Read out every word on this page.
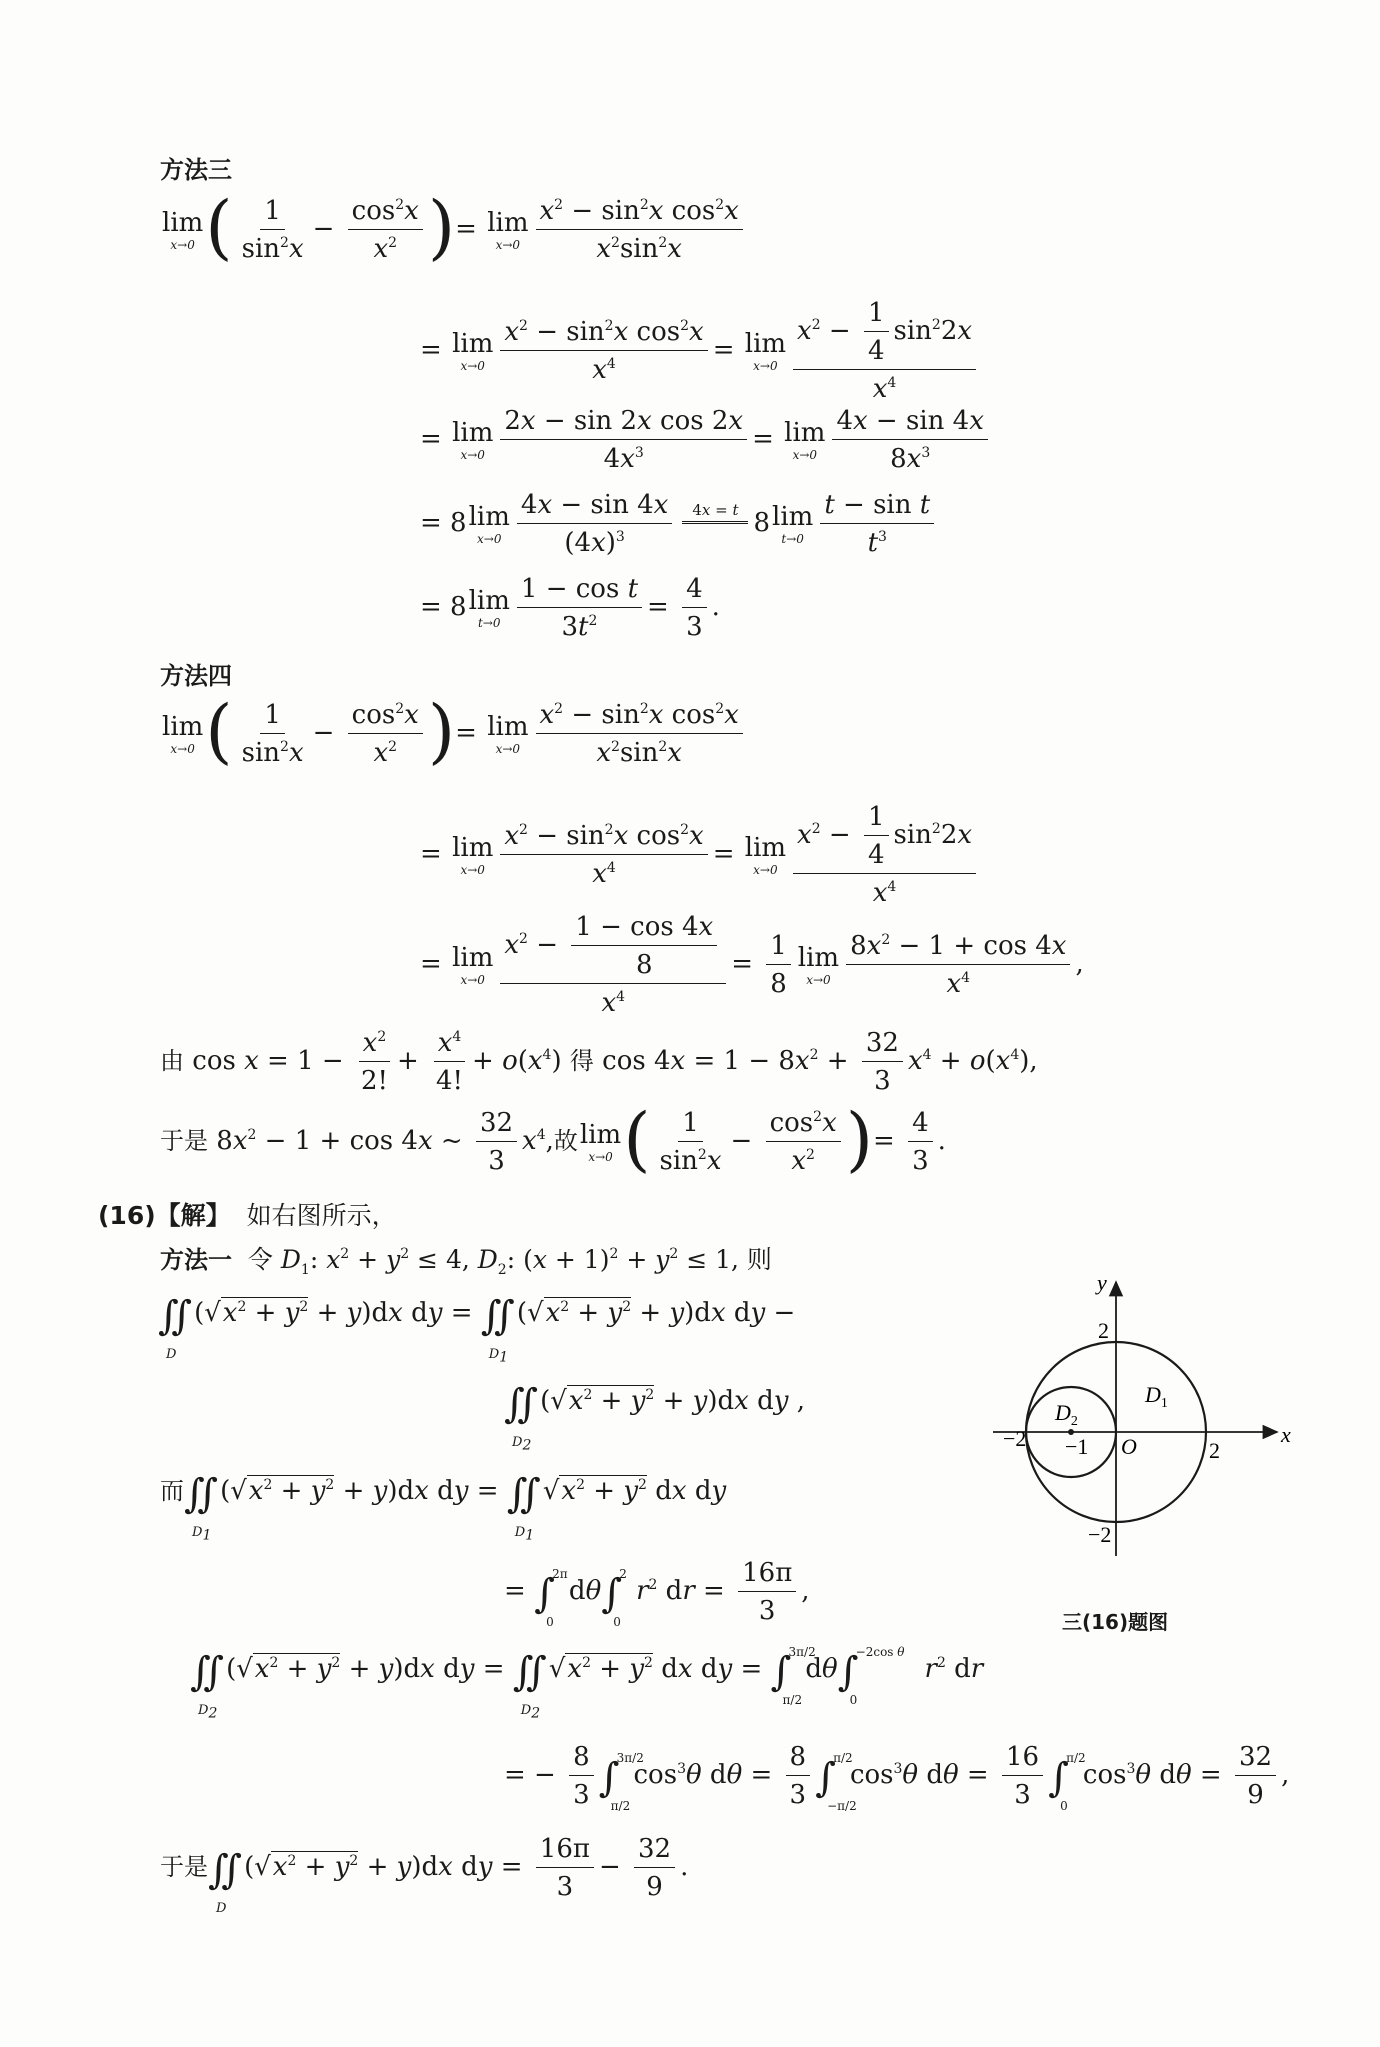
方法三
lim
x→0 ( $\frac{1}{\sin^2x} - \frac{\cos^2x}{x^2}$ )= lim
$x\to 0 \frac{x^2 - \sin^2x \cos^2x}{x^2\sin^2x}$
= lim
$x\to 0 \frac{x^2 - \sin^2x \cos^2x}{x^4} = \lim$
$x\to 0 \frac{x^2 - \frac{1}{4} \sin^22x}{x^4}$
= lim
$x\to 0 \frac{\text{2x − sin 2x cos 2x}}{4x^3} = \lim$
$x\to 0 \frac{4x - \sin 4x}{8x^3}$
= 8lim
$x\to 0 \frac{4x - \sin 4x}{(4x)^3}$	4x = t
8lim
$t\to 0 \frac{\text{t − sin t}}{t^3}$
= 8lim
$t\to 0 \frac{\text{1 − cos t}}{3t^2} = \frac{4}{3}$ .
方法四
lim
x→0 ( $\frac{1}{\sin^2x} - \frac{\cos^2x}{x^2}$ )= lim
$x\to 0 \frac{x^2 - \sin^2x \cos^2x}{x^2\sin^2x}$
= lim
$x\to 0 \frac{x^2 - \sin^2x \cos^2x}{x^4} = \lim$
$x\to 0 \frac{x^2 - \frac{1}{4} \sin^22x}{x^4}$
= lim
$x\to 0 \frac{x^2 - \frac{1 - \cos 4x}{8}}{x^4} = \frac{1}{8}$ lim
$x\to 0 \frac{8x^2 - 1 + \cos 4x}{x^4}$ ,
由 $\cos x = 1 - \frac{x^2}{2!} + \frac{x^4}{4!} + o(x^4)$ 得 $\cos 4x = 1 - 8x^2 + \frac{32}{3} x^4 + o(x^4)$,
于是 $8x^2 - 1 + \cos 4x$ ~ $\frac{32}{3} x^4$,故lim
x→0 ( $\frac{1}{\sin^2x} - \frac{\cos^2x}{x^2}$ )= $\frac{4}{3}$ .
(16)【解】 如右图所示，
方法一  令 $D_1$: $x^2 + y^2 \le 4$, $D_2$: $(x + 1)^2 + y^2 \le 1$, 则
∬
D
$(√x^2 + y^2 + y)dx$ dy = ∬
$D_1$
$(√x^2 + y^2 + y)dx$ dy −
∬
$D_2$
$(√x^2 + y^2 + y)dx$ dy ,
而∬
$D_1$
$(√x^2 + y^2 + y)dx$ dy = ∬
$D_1$
$√x^2 + y^2$ dx dy
= ∫
2π
0
dθ∫
2
0
$r^2$ dr = $\frac{16\pi}{3}$ ,
∬
$D_2$
$(√x^2 + y^2 + y)dx$ dy = ∬
$D_2$
$√x^2 + y^2$ dx dy = ∫
3π/2
π/2
dθ∫
−2cos θ
0
$r^2$ dr
= − $\frac{8}{3}$ ∫
3π/2
π/2
$\cos^3\theta$ $d\theta = \frac{8}{3}$ ∫
π/2
−π/2
$\cos^3\theta$ $d\theta = \frac{16}{3}$ ∫
π/2
0
$\cos^3\theta$ $d\theta = \frac{32}{9}$ ,
于是∬
D
$(√x^2 + y^2 + y)dx$ dy = $\frac{16\pi}{3} - \frac{32}{9}$ .
x
y
2
−2 −1
2
−2
O
$D_1$
$D_2$
三(16)题图
